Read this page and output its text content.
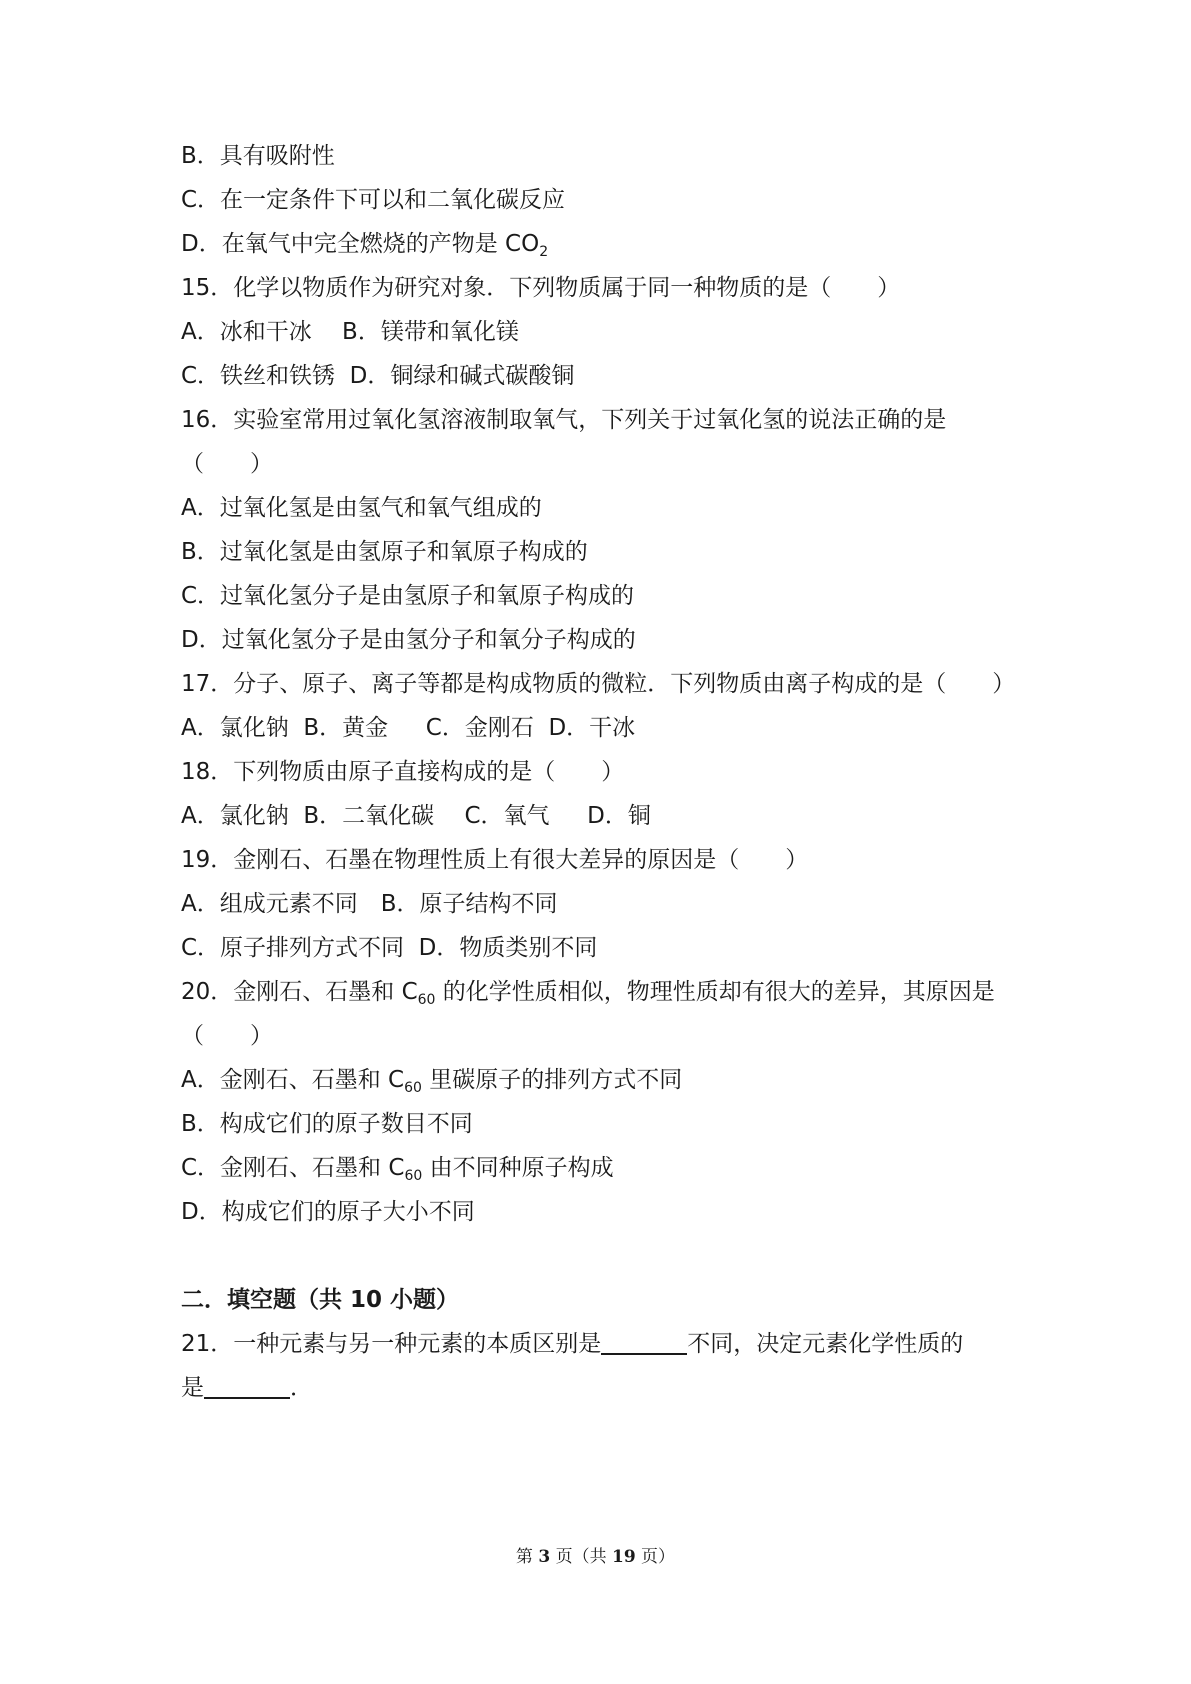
B．具有吸附性
C．在一定条件下可以和二氧化碳反应
D．在氧气中完全燃烧的产物是 $CO_2$
15．化学以物质作为研究对象．下列物质属于同一种物质的是（　　）
A．冰和干冰　 B．镁带和氧化镁
C．铁丝和铁锈  D．铜绿和碱式碳酸铜
16．实验室常用过氧化氢溶液制取氧气，下列关于过氧化氢的说法正确的是
（　　）
A．过氧化氢是由氢气和氧气组成的
B．过氧化氢是由氢原子和氧原子构成的
C．过氧化氢分子是由氢原子和氧原子构成的
D．过氧化氢分子是由氢分子和氧分子构成的
17．分子、原子、离子等都是构成物质的微粒．下列物质由离子构成的是（　　）
A．氯化钠  B．黄金　  C．金刚石  D．干冰
18．下列物质由原子直接构成的是（　　）
A．氯化钠  B．二氧化碳　 C．氧气　  D．铜
19．金刚石、石墨在物理性质上有很大差异的原因是（　　）
A．组成元素不同　B．原子结构不同
C．原子排列方式不同  D．物质类别不同
20．金刚石、石墨和 $C_{60}$ 的化学性质相似，物理性质却有很大的差异，其原因是
（　　）
A．金刚石、石墨和 $C_{60}$ 里碳原子的排列方式不同
B．构成它们的原子数目不同
C．金刚石、石墨和 $C_{60}$ 由不同种原子构成
D．构成它们的原子大小不同
二．填空题（共 10 小题）
21．一种元素与另一种元素的本质区别是	不同，决定元素化学性质的
是	．
第 3 页（共 19 页）
